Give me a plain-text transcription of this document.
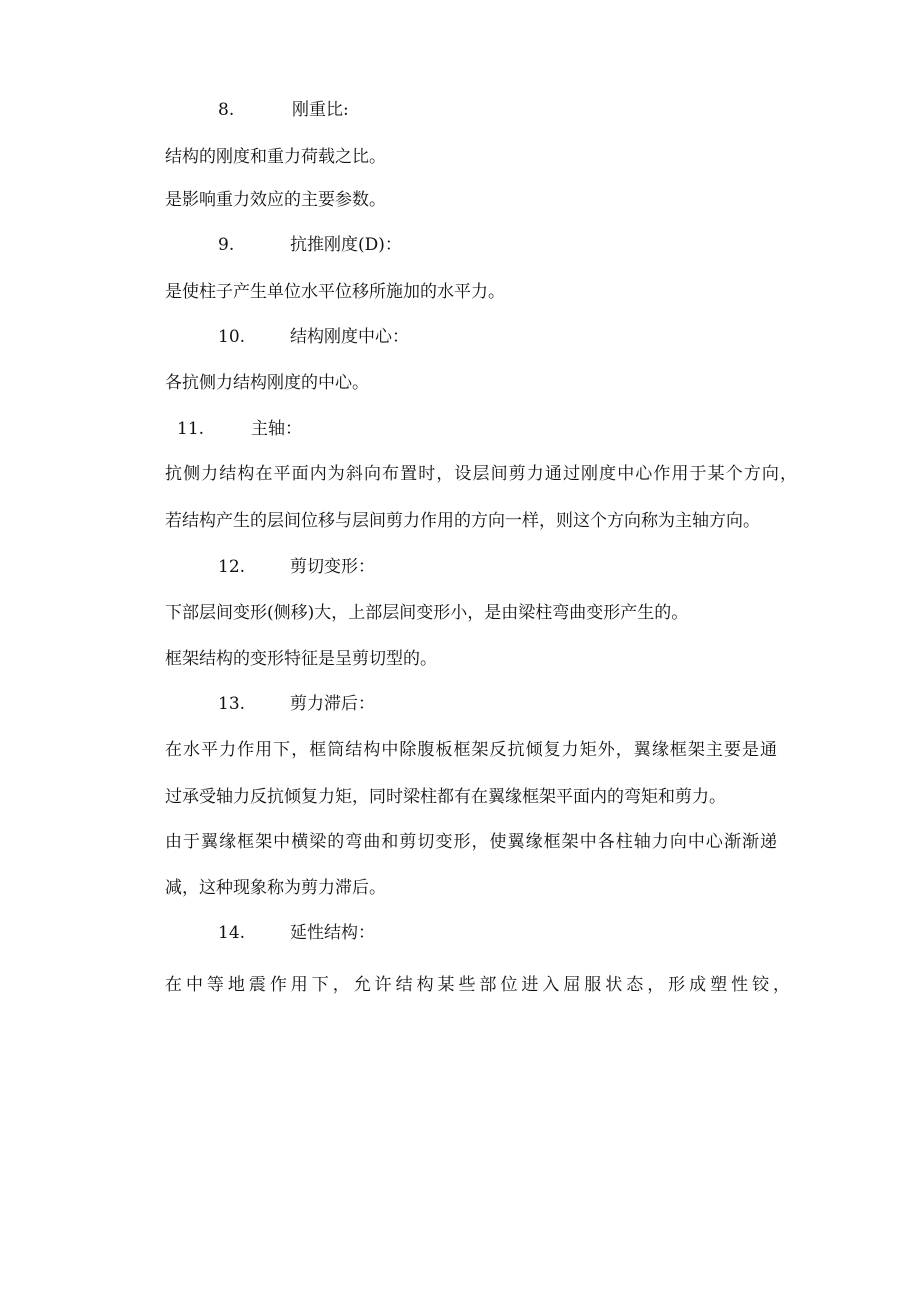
8.	刚重比:
结构的刚度和重力荷载之比。
是影响重力效应的主要参数。
9.	抗推刚度(D)：
是使柱子产生单位水平位移所施加的水平力。
10.	结构刚度中心：
各抗侧力结构刚度的中心。
11.	主轴：
抗侧力结构在平面内为斜向布置时，设层间剪力通过刚度中心作用于某个方向，
若结构产生的层间位移与层间剪力作用的方向一样，则这个方向称为主轴方向。
12.	剪切变形：
下部层间变形(侧移)大，上部层间变形小，是由梁柱弯曲变形产生的。
框架结构的变形特征是呈剪切型的。
13.	剪力滞后：
在水平力作用下，框筒结构中除腹板框架反抗倾复力矩外，翼缘框架主要是通
过承受轴力反抗倾复力矩，同时梁柱都有在翼缘框架平面内的弯矩和剪力。
由于翼缘框架中横梁的弯曲和剪切变形，使翼缘框架中各柱轴力向中心渐渐递
减，这种现象称为剪力滞后。
14.	延性结构：
在中等地震作用下，允许结构某些部位进入屈服状态，形成塑性铰，
